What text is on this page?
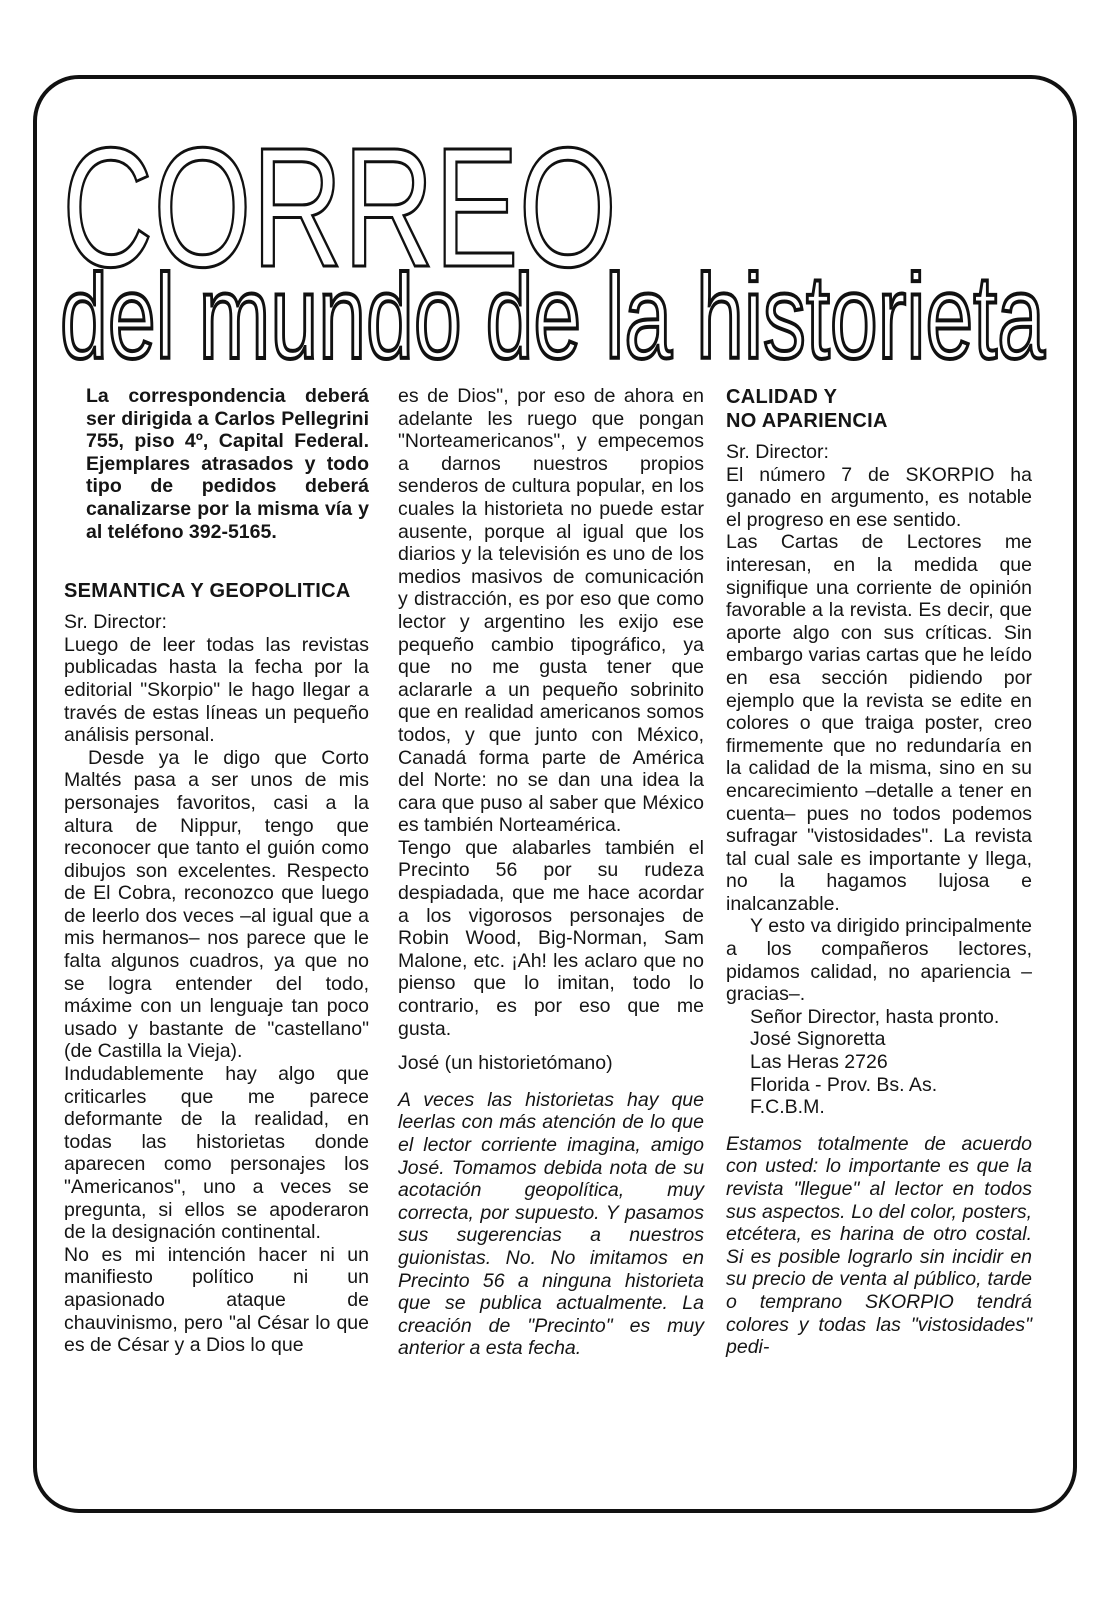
CORREO
del mundo de la historieta

La correspondencia deberá ser dirigida a Carlos Pellegrini 755, piso 4º, Capital Federal. Ejemplares atrasados y todo tipo de pedidos deberá canalizarse por la misma vía y al teléfono 392-5165.

SEMANTICA Y GEOPOLITICA

Sr. Director:

Luego de leer todas las revistas publicadas hasta la fecha por la editorial "Skorpio" le hago llegar a través de estas líneas un pequeño análisis personal.

Desde ya le digo que Corto Maltés pasa a ser unos de mis personajes favoritos, casi a la altura de Nippur, tengo que reconocer que tanto el guión como dibujos son excelentes. Respecto de El Cobra, reconozco que luego de leerlo dos veces –al igual que a mis hermanos– nos parece que le falta algunos cuadros, ya que no se logra entender del todo, máxime con un lenguaje tan poco usado y bastante de "castellano" (de Castilla la Vieja).

Indudablemente hay algo que criticarles que me parece deformante de la realidad, en todas las historietas donde aparecen como personajes los "Americanos", uno a veces se pregunta, si ellos se apoderaron de la designación continental.

No es mi intención hacer ni un manifiesto político ni un apasionado ataque de chauvinismo, pero "al César lo que es de César y a Dios lo que

es de Dios", por eso de ahora en adelante les ruego que pongan "Norteamericanos", y empecemos a darnos nuestros propios senderos de cultura popular, en los cuales la historieta no puede estar ausente, porque al igual que los diarios y la televisión es uno de los medios masivos de comunicación y distracción, es por eso que como lector y argentino les exijo ese pequeño cambio tipográfico, ya que no me gusta tener que aclararle a un pequeño sobrinito que en realidad americanos somos todos, y que junto con México, Canadá forma parte de América del Norte: no se dan una idea la cara que puso al saber que México es también Norteamérica.

Tengo que alabarles también el Precinto 56 por su rudeza despiadada, que me hace acordar a los vigorosos personajes de Robin Wood, Big-Norman, Sam Malone, etc. ¡Ah! les aclaro que no pienso que lo imitan, todo lo contrario, es por eso que me gusta.

José (un historietómano)

A veces las historietas hay que leerlas con más atención de lo que el lector corriente imagina, amigo José. Tomamos debida nota de su acotación geopolítica, muy correcta, por supuesto. Y pasamos sus sugerencias a nuestros guionistas. No. No imitamos en Precinto 56 a ninguna historieta que se publica actualmente. La creación de "Precinto" es muy anterior a esta fecha.

CALIDAD Y
NO APARIENCIA

Sr. Director:

El número 7 de SKORPIO ha ganado en argumento, es notable el progreso en ese sentido.

Las Cartas de Lectores me interesan, en la medida que signifique una corriente de opinión favorable a la revista. Es decir, que aporte algo con sus críticas. Sin embargo varias cartas que he leído en esa sección pidiendo por ejemplo que la revista se edite en colores o que traiga poster, creo firmemente que no redundaría en la calidad de la misma, sino en su encarecimiento –detalle a tener en cuenta– pues no todos podemos sufragar "vistosidades". La revista tal cual sale es importante y llega, no la hagamos lujosa e inalcanzable.

Y esto va dirigido principalmente a los compañeros lectores, pidamos calidad, no apariencia –gracias–.

Señor Director, hasta pronto.

José Signoretta

Las Heras 2726

Florida - Prov. Bs. As.

F.C.B.M.

Estamos totalmente de acuerdo con usted: lo importante es que la revista "llegue" al lector en todos sus aspectos. Lo del color, posters, etcétera, es harina de otro costal. Si es posible lograrlo sin incidir en su precio de venta al público, tarde o temprano SKORPIO tendrá colores y todas las "vistosidades" pedi-
